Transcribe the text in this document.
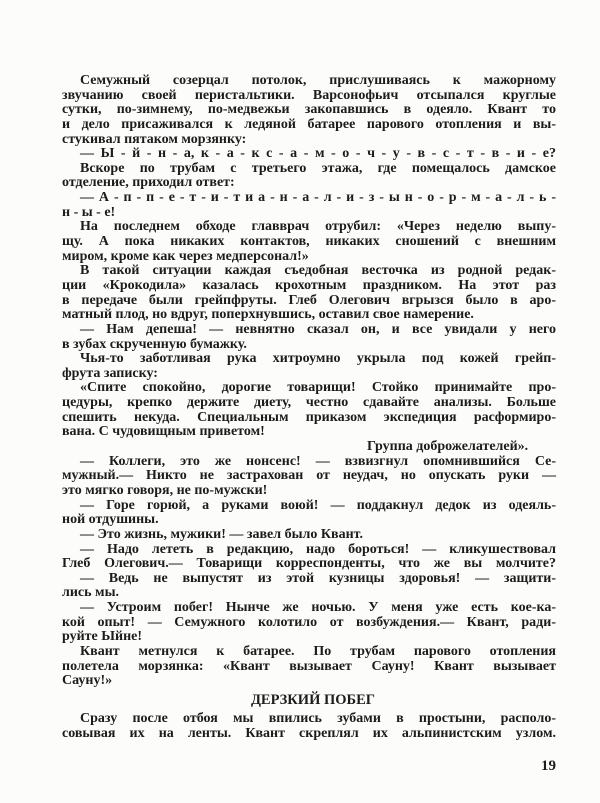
Семужный созерцал потолок, прислушиваясь к мажорному
звучанию своей перистальтики. Варсонофьич отсыпался круглые
сутки, по-зимнему, по-медвежьи закопавшись в одеяло. Квант то
и дело присаживался к ледяной батарее парового отопления и вы-
стукивал пятаком морзянку:
— Ы - й - н - а, к - а - к с - а - м - о - ч - у - в - с - т - в - и - е?
Вскоре по трубам с третьего этажа, где помещалось дамское
отделение, приходил ответ:
— А - п - п - е - т - и - т и а - н - а - л - и - з - ы н - о - р - м - а - л - ь -
н - ы - е!
На последнем обходе главврач отрубил: «Через неделю выпу-
щу. А пока никаких контактов, никаких сношений с внешним
миром, кроме как через медперсонал!»
В такой ситуации каждая съедобная весточка из родной редак-
ции «Крокодила» казалась крохотным праздником. На этот раз
в передаче были грейпфруты. Глеб Олегович вгрызся было в аро-
матный плод, но вдруг, поперхнувшись, оставил свое намерение.
— Нам депеша! — невнятно сказал он, и все увидали у него
в зубах скрученную бумажку.
Чья-то заботливая рука хитроумно укрыла под кожей грейп-
фрута записку:
«Спите спокойно, дорогие товарищи! Стойко принимайте про-
цедуры, крепко держите диету, честно сдавайте анализы. Больше
спешить некуда. Специальным приказом экспедиция расформиро-
вана. С чудовищным приветом!
Группа доброжелателей».
— Коллеги, это же нонсенс! — взвизгнул опомнившийся Се-
мужный.— Никто не застрахован от неудач, но опускать руки —
это мягко говоря, не по-мужски!
— Горе горюй, а руками воюй! — поддакнул дедок из одеяль-
ной отдушины.
— Это жизнь, мужики! — завел было Квант.
— Надо лететь в редакцию, надо бороться! — кликушествовал
Глеб Олегович.— Товарищи корреспонденты, что же вы молчите?
— Ведь не выпустят из этой кузницы здоровья! — защити-
лись мы.
— Устроим побег! Нынче же ночью. У меня уже есть кое-ка-
кой опыт! — Семужного колотило от возбуждения.— Квант, ради-
руйте Ыйне!
Квант метнулся к батарее. По трубам парового отопления
полетела морзянка: «Квант вызывает Сауну! Квант вызывает
Сауну!»
ДЕРЗКИЙ ПОБЕГ
Сразу после отбоя мы впились зубами в простыни, располо-
совывая их на ленты. Квант скреплял их альпинистским узлом.
19
